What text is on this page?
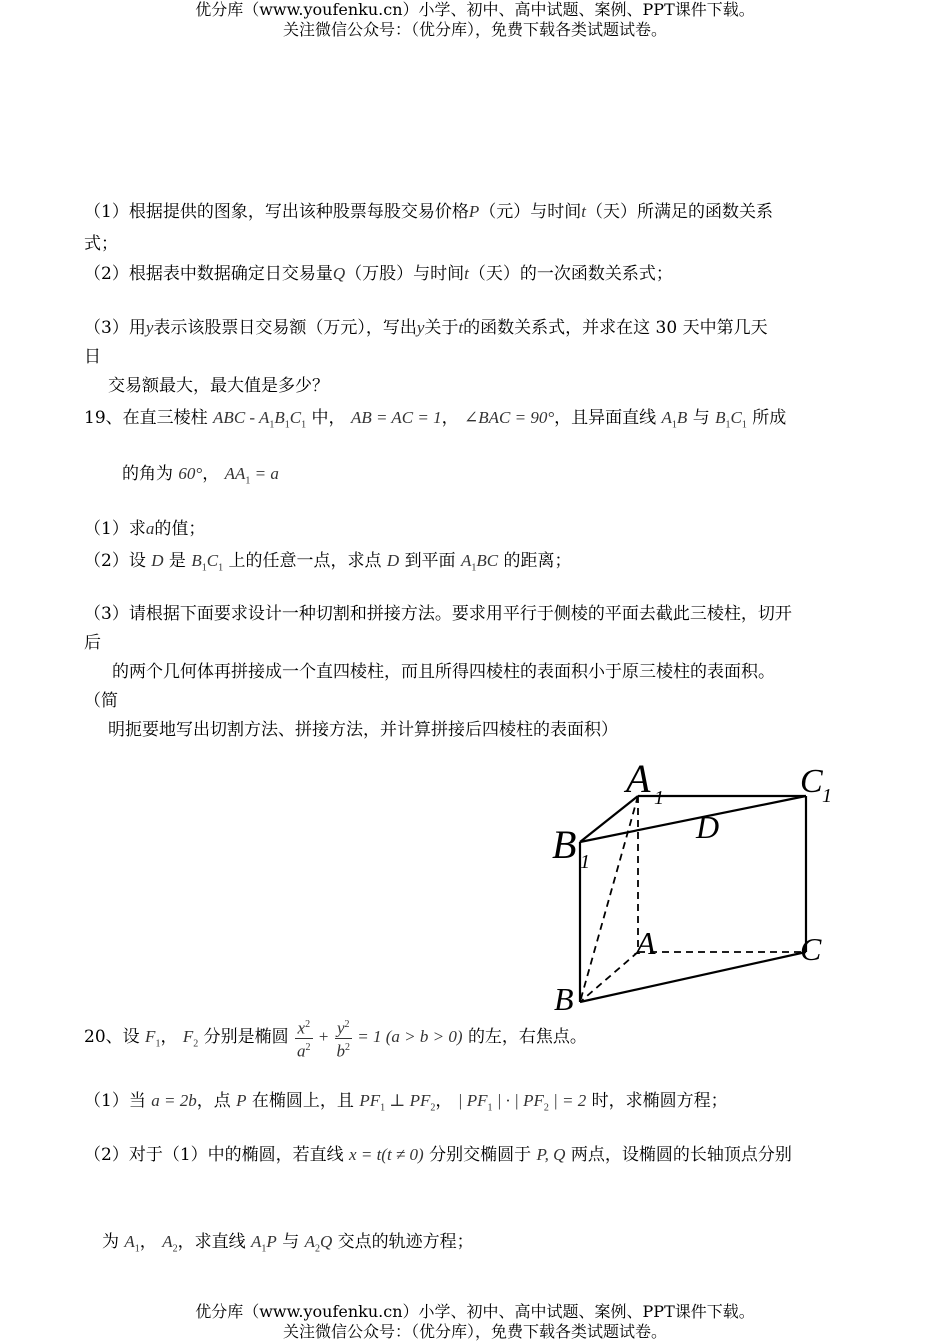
优分库（www.youfenku.cn）小学、初中、高中试题、案例、PPT课件下载。
关注微信公众号：（优分库），免费下载各类试题试卷。
（1）根据提供的图象，写出该种股票每股交易价格P（元）与时间t（天）所满足的函数关系
式；
（2）根据表中数据确定日交易量Q（万股）与时间t（天）的一次函数关系式；
（3）用y表示该股票日交易额（万元），写出y关于t的函数关系式，并求在这 30 天中第几天
日
交易额最大，最大值是多少？
19、在直三棱柱 ABC - $A_1B_1C_1$ 中， AB = AC = 1， ∠BAC = 90°，且异面直线 $A_1B$ 与 $B_1C_1$ 所成
的角为 60°， $AA_1 = a$
（1）求a的值；
（2）设 D 是 $B_1C_1$ 上的任意一点，求点 D 到平面 $A_1BC$ 的距离；
（3）请根据下面要求设计一种切割和拼接方法。要求用平行于侧棱的平面去截此三棱柱，切开
后
的两个几何体再拼接成一个直四棱柱，而且所得四棱柱的表面积小于原三棱柱的表面积。
（简
明扼要地写出切割方法、拼接方法，并计算拼接后四棱柱的表面积）
A 1	C 1
B 1
D
A	C
B
20、设 $F_1$， $F_2$ 分别是椭圆 $\frac{x^2}{a^2} + \frac{y^2}{b^2} = 1$ (a > b > 0) 的左，右焦点。
（1）当 a = 2b，点 P 在椭圆上，且 $PF_1$ ⊥ $PF_2$， | $PF_1$ | · | $PF_2$ | = 2 时，求椭圆方程；
（2）对于（1）中的椭圆，若直线 x = t(t ≠ 0) 分别交椭圆于 P, Q 两点，设椭圆的长轴顶点分别
为 $A_1$， $A_2$，求直线 $A_1P$ 与 $A_2Q$ 交点的轨迹方程；
优分库（www.youfenku.cn）小学、初中、高中试题、案例、PPT课件下载。
关注微信公众号：（优分库），免费下载各类试题试卷。
